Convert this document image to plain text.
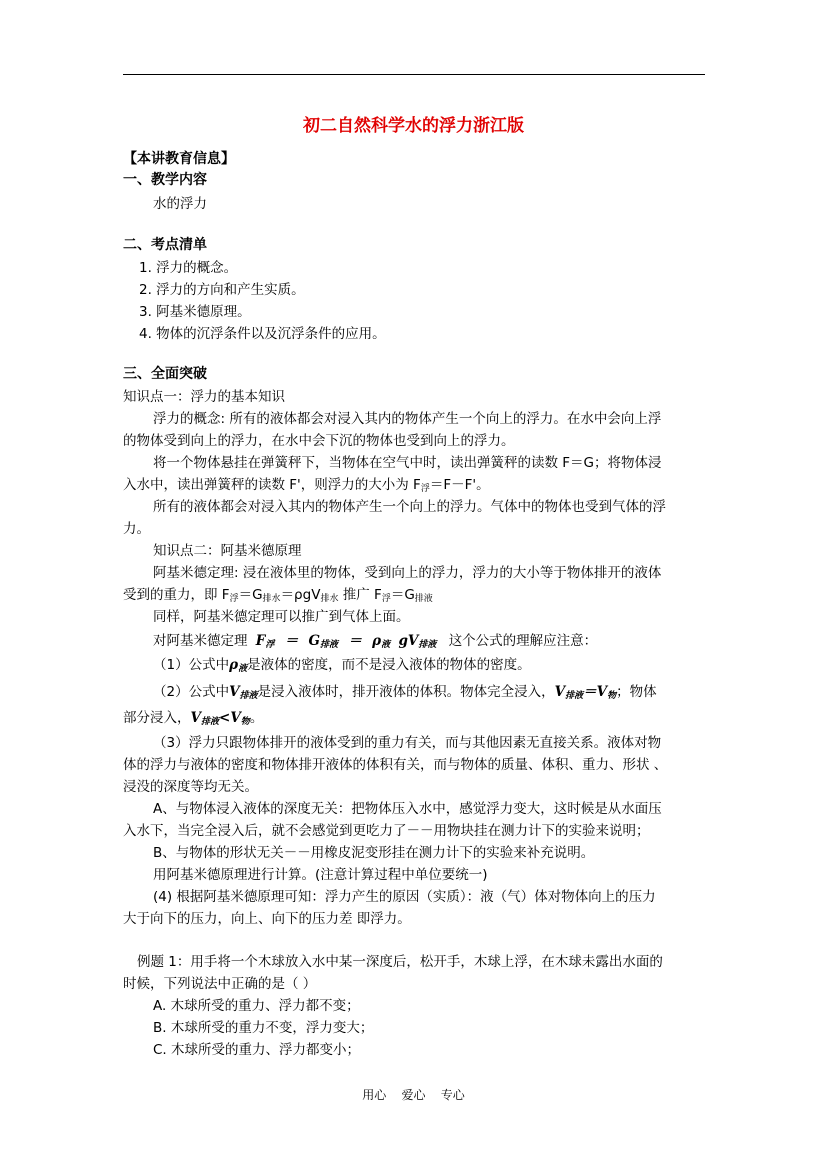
初二自然科学水的浮力浙江版
【本讲教育信息】
一、教学内容
水的浮力
二、考点清单
1. 浮力的概念。
2. 浮力的方向和产生实质。
3. 阿基米德原理。
4. 物体的沉浮条件以及沉浮条件的应用。
三、全面突破
知识点一：浮力的基本知识
浮力的概念: 所有的液体都会对浸入其内的物体产生一个向上的浮力。在水中会向上浮
的物体受到向上的浮力，在水中会下沉的物体也受到向上的浮力。
将一个物体悬挂在弹簧秤下，当物体在空气中时，读出弹簧秤的读数 F＝G；将物体浸
入水中，读出弹簧秤的读数 F'，则浮力的大小为 $F_浮=F-F'$。
所有的液体都会对浸入其内的物体产生一个向上的浮力。气体中的物体也受到气体的浮
力。
知识点二：阿基米德原理
阿基米德定理: 浸在液体里的物体，受到向上的浮力，浮力的大小等于物体排开的液体
受到的重力，即 $F_浮=G_{排水}=\rho gV_{排水}$ 推广 $F_浮=G_{排液}$
同样，阿基米德定理可以推广到气体上面。
对阿基米德定理 $F_浮 = G_{排液} = \rho_液$ $gV_{排液}$ 这个公式的理解应注意：
（1）公式中$\rho_液$是液体的密度，而不是浸入液体的物体的密度。
（2）公式中$V_{排液}$是浸入液体时，排开液体的体积。物体完全浸入，$V_{排液}=V_物$；物体
部分浸入，$V_{排液}<V_物$。
（3）浮力只跟物体排开的液体受到的重力有关，而与其他因素无直接关系。液体对物
体的浮力与液体的密度和物体排开液体的体积有关，而与物体的质量、体积、重力、形状 、
浸没的深度等均无关。
A、与物体浸入液体的深度无关：把物体压入水中，感觉浮力变大，这时候是从水面压
入水下，当完全浸入后，就不会感觉到更吃力了－－用物块挂在测力计下的实验来说明；
B、与物体的形状无关－－用橡皮泥变形挂在测力计下的实验来补充说明。
用阿基米德原理进行计算。(注意计算过程中单位要统一)
(4) 根据阿基米德原理可知：浮力产生的原因（实质）：液（气）体对物体向上的压力
大于向下的压力，向上、向下的压力差 即浮力。
例题 1：用手将一个木球放入水中某一深度后，松开手，木球上浮，在木球未露出水面的
时候，下列说法中正确的是（ ）
A. 木球所受的重力、浮力都不变；
B. 木球所受的重力不变，浮力变大；
C. 木球所受的重力、浮力都变小；
用心    爱心    专心
